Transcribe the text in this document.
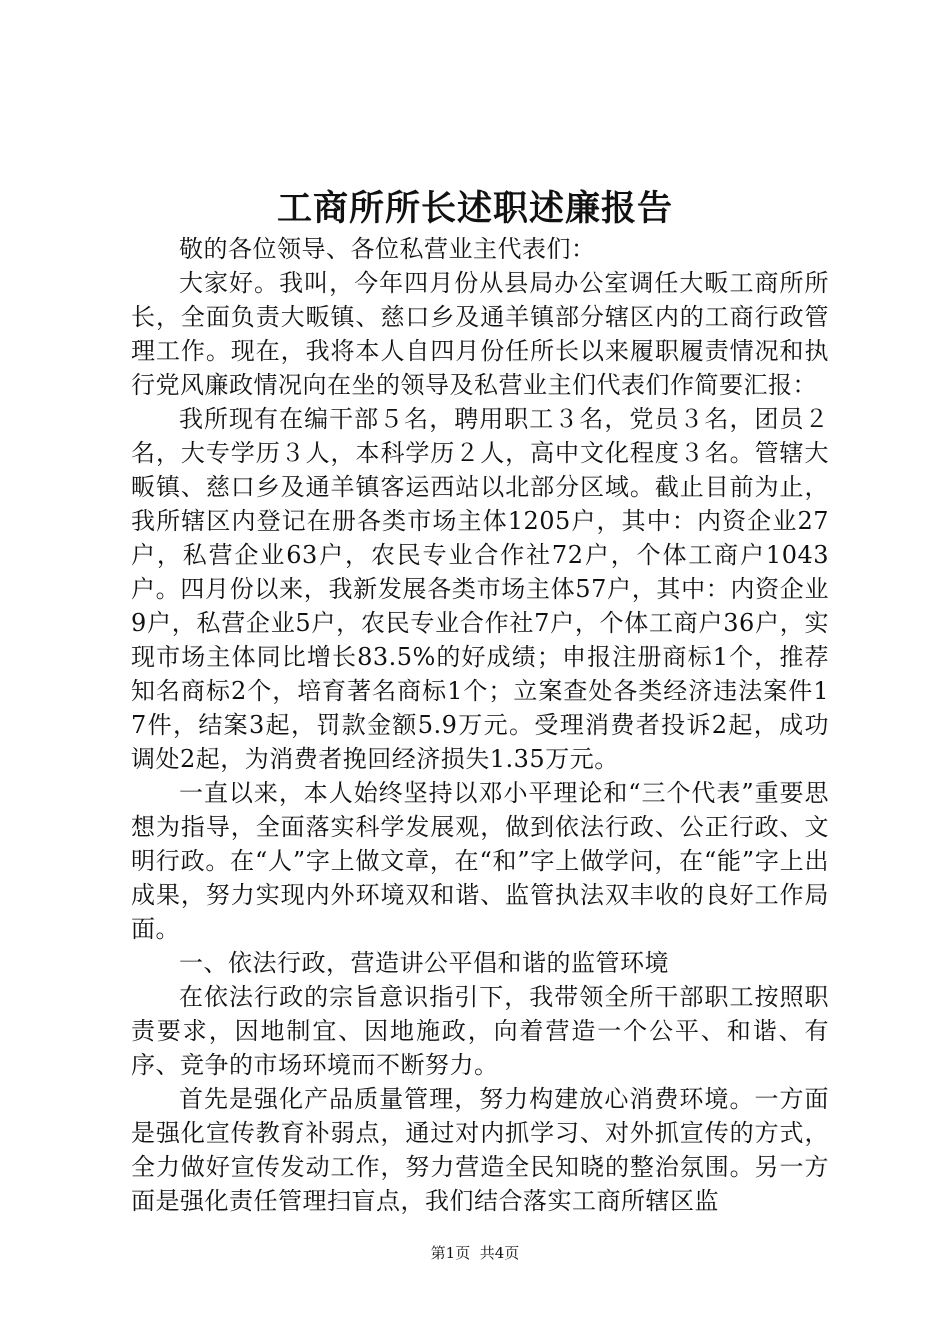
工商所所长述职述廉报告

敬的各位领导、各位私营业主代表们：

大家好。我叫，今年四月份从县局办公室调任大畈工商所所长，全面负责大畈镇、慈口乡及通羊镇部分辖区内的工商行政管理工作。现在，我将本人自四月份任所长以来履职履责情况和执行党风廉政情况向在坐的领导及私营业主们代表们作简要汇报：

我所现有在编干部５名，聘用职工３名，党员３名，团员２名，大专学历３人，本科学历２人，高中文化程度３名。管辖大畈镇、慈口乡及通羊镇客运西站以北部分区域。截止目前为止，我所辖区内登记在册各类市场主体1205户，其中：内资企业27户，私营企业63户，农民专业合作社72户，个体工商户1043户。四月份以来，我新发展各类市场主体57户，其中：内资企业9户，私营企业5户，农民专业合作社7户，个体工商户36户，实现市场主体同比增长83.5%的好成绩；申报注册商标1个，推荐知名商标2个，培育著名商标1个；立案查处各类经济违法案件17件，结案3起，罚款金额5.9万元。受理消费者投诉2起，成功调处2起，为消费者挽回经济损失1.35万元。

一直以来，本人始终坚持以邓小平理论和“三个代表”重要思想为指导，全面落实科学发展观，做到依法行政、公正行政、文明行政。在“人”字上做文章，在“和”字上做学问，在“能”字上出成果，努力实现内外环境双和谐、监管执法双丰收的良好工作局面。

一、依法行政，营造讲公平倡和谐的监管环境

在依法行政的宗旨意识指引下，我带领全所干部职工按照职责要求，因地制宜、因地施政，向着营造一个公平、和谐、有序、竞争的市场环境而不断努力。

首先是强化产品质量管理，努力构建放心消费环境。一方面是强化宣传教育补弱点，通过对内抓学习、对外抓宣传的方式，全力做好宣传发动工作，努力营造全民知晓的整治氛围。另一方面是强化责任管理扫盲点，我们结合落实工商所辖区监

第1页 共4页
